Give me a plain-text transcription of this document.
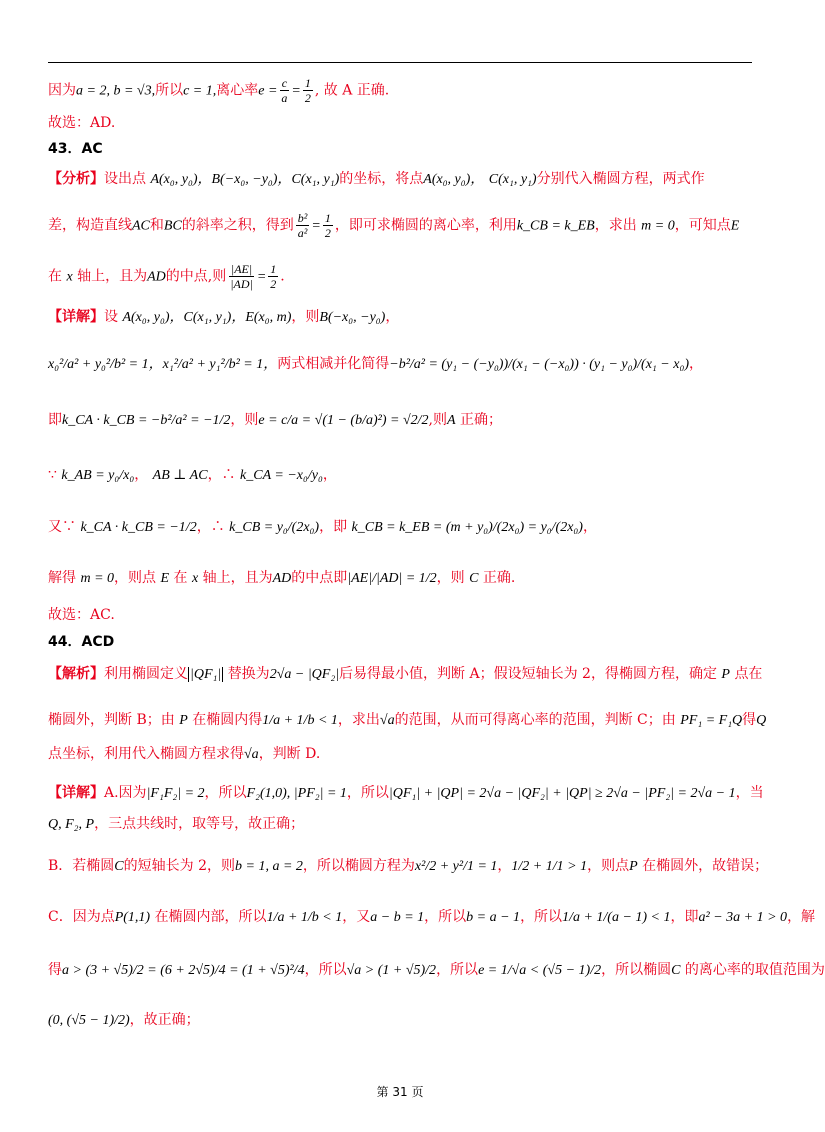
因为a = 2, b = √3,所以c = 1,离心率$e = \frac{c}{a} = \frac{1}{2}$ , 故 A 正确.
故选：AD.
43．AC
【分析】设出点 A(x₀, y₀)，B(−x₀, −y₀)，C(x₁, y₁)的坐标，将点A(x₀, y₀)， C(x₁, y₁)分别代入椭圆方程，两式作
差，构造直线AC和BC的斜率之积，得到 $\frac{\text{b²}}{\text{a²}} = \frac{1}{2}$ ，即可求椭圆的离心率，利用k_CB = k_EB，求出 m = 0，可知点E
在 x 轴上，且为AD的中点,则 $\frac{|AE|}{|AD|} = \frac{1}{2}$ .
【详解】设 A(x₀, y₀)，C(x₁, y₁)，E(x₀, m)，则B(−x₀, −y₀)，
x₀²/a² + y₀²/b² = 1，x₁²/a² + y₁²/b² = 1，两式相减并化简得−b²/a² = (y₁ − (−y₀))/(x₁ − (−x₀)) · (y₁ − y₀)/(x₁ − x₀)，
即k_CA · k_CB = −b²/a² = −1/2，则e = c/a = √(1 − (b/a)²) = √2/2,则A 正确；
∵ k_AB = y₀/x₀， AB ⊥ AC，∴ k_CA = −x₀/y₀，
又∵ k_CA · k_CB = −1/2，∴ k_CB = y₀/(2x₀)，即 k_CB = k_EB = (m + y₀)/(2x₀) = y₀/(2x₀)，
解得 m = 0，则点 E 在 x 轴上，且为AD的中点即|AE|/|AD| = 1/2，则 C 正确.
故选：AC.
44．ACD
【解析】利用椭圆定义 |QF₁| 替换为2√a − |QF₂|后易得最小值，判断 A；假设短轴长为 2，得椭圆方程，确定 P 点在
椭圆外，判断 B；由 P 在椭圆内得1/a + 1/b < 1，求出√a的范围，从而可得离心率的范围，判断 C；由 PF₁ = F₁Q得Q
点坐标，利用代入椭圆方程求得√a，判断 D.
【详解】A.因为|F₁F₂| = 2，所以F₂(1,0), |PF₂| = 1，所以|QF₁| + |QP| = 2√a − |QF₂| + |QP| ≥ 2√a − |PF₂| = 2√a − 1，当
Q, F₂, P，三点共线时，取等号，故正确；
B．若椭圆C的短轴长为 2，则b = 1, a = 2，所以椭圆方程为x²/2 + y²/1 = 1，1/2 + 1/1 > 1，则点P 在椭圆外，故错误；
C．因为点P(1,1) 在椭圆内部，所以1/a + 1/b < 1，又a − b = 1，所以b = a − 1，所以1/a + 1/(a − 1) < 1，即a² − 3a + 1 > 0，解
得a > (3 + √5)/2 = (6 + 2√5)/4 = (1 + √5)²/4，所以√a > (1 + √5)/2，所以e = 1/√a < (√5 − 1)/2，所以椭圆C 的离心率的取值范围为
(0, (√5 − 1)/2)，故正确；
第 31 页
